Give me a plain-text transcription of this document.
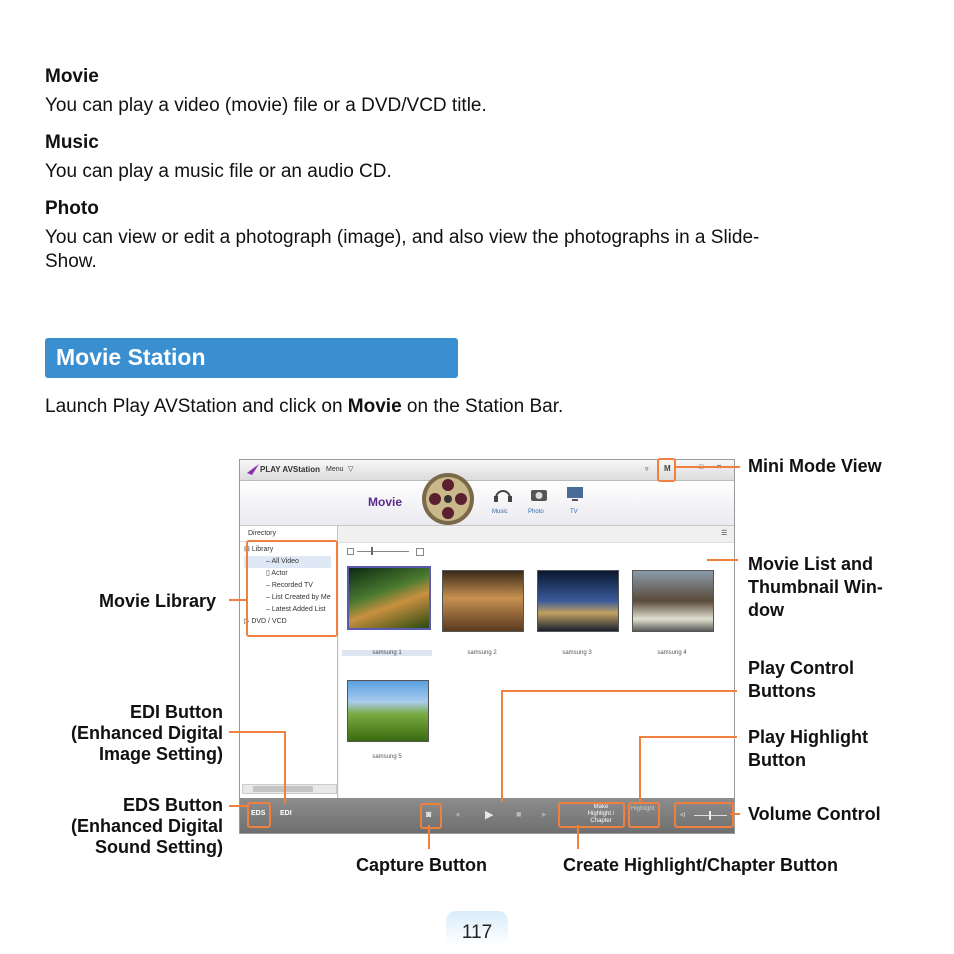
Movie
You can play a video (movie) file or a DVD/VCD title.
Music
You can play a music file or an audio CD.
Photo
You can view or edit a photograph (image), and also view the photographs in a Slide-
Show.
Movie Station
Launch Play AVStation and click on Movie on the Station Bar.
PLAY AVStation Menu ▽	▿ M
Movie
Music	Photo	TV
Directory
⊟ Library
– All Video
▯ Actor
– Recorded TV
– List Created by Me
– Latest Added List
▷ DVD / VCD
☰
samsung 1	samsung 2	samsung 3	samsung 4
samsung 5
EDS EDI	◙	◂ ▶	■ ▸
Make
Highlight / Chapter
Highlight	◃
Mini Mode View
Movie List and
Thumbnail Win-
dow
Movie Library
Play Control
Buttons
EDI Button
(Enhanced Digital
Image Setting)
Play Highlight
Button
EDS Button
(Enhanced Digital
Sound Setting)
Volume Control
Capture Button	Create Highlight/Chapter Button
117
